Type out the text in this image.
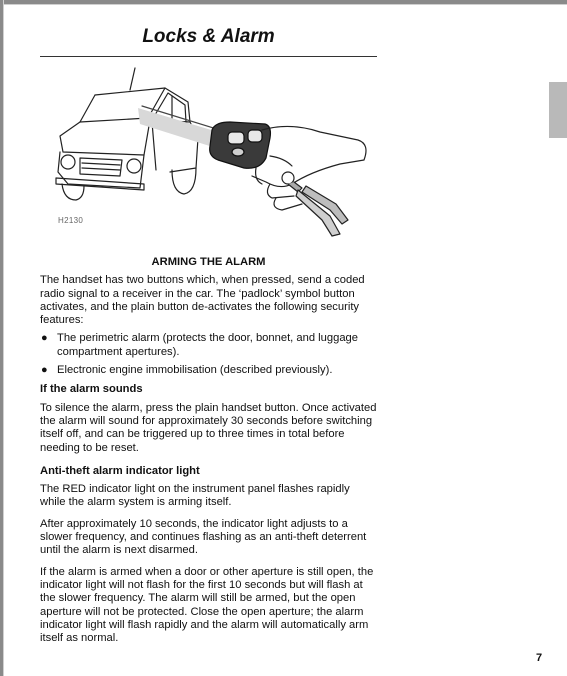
Locks & Alarm
H2130

ARMING THE ALARM

The handset has two buttons which, when pressed, send a coded radio signal to a receiver in the car. The ‘padlock’ symbol button activates, and the plain button de-activates the following security features:

● The perimetric alarm (protects the door, bonnet, and luggage compartment apertures).
● Electronic engine immobilisation (described previously).

If the alarm sounds

To silence the alarm, press the plain handset button. Once activated the alarm will sound for approximately 30 seconds before switching itself off, and can be triggered up to three times in total before needing to be reset.

Anti-theft alarm indicator light

The RED indicator light on the instrument panel flashes rapidly while the alarm system is arming itself.

After approximately 10 seconds, the indicator light adjusts to a slower frequency, and continues flashing as an anti-theft deterrent until the alarm is next disarmed.

If the alarm is armed when a door or other aperture is still open, the indicator light will not flash for the first 10 seconds but will flash at the slower frequency. The alarm will still be armed, but the open aperture will not be protected. Close the open aperture; the alarm indicator light will flash rapidly and the alarm will automatically arm itself as normal.

7
